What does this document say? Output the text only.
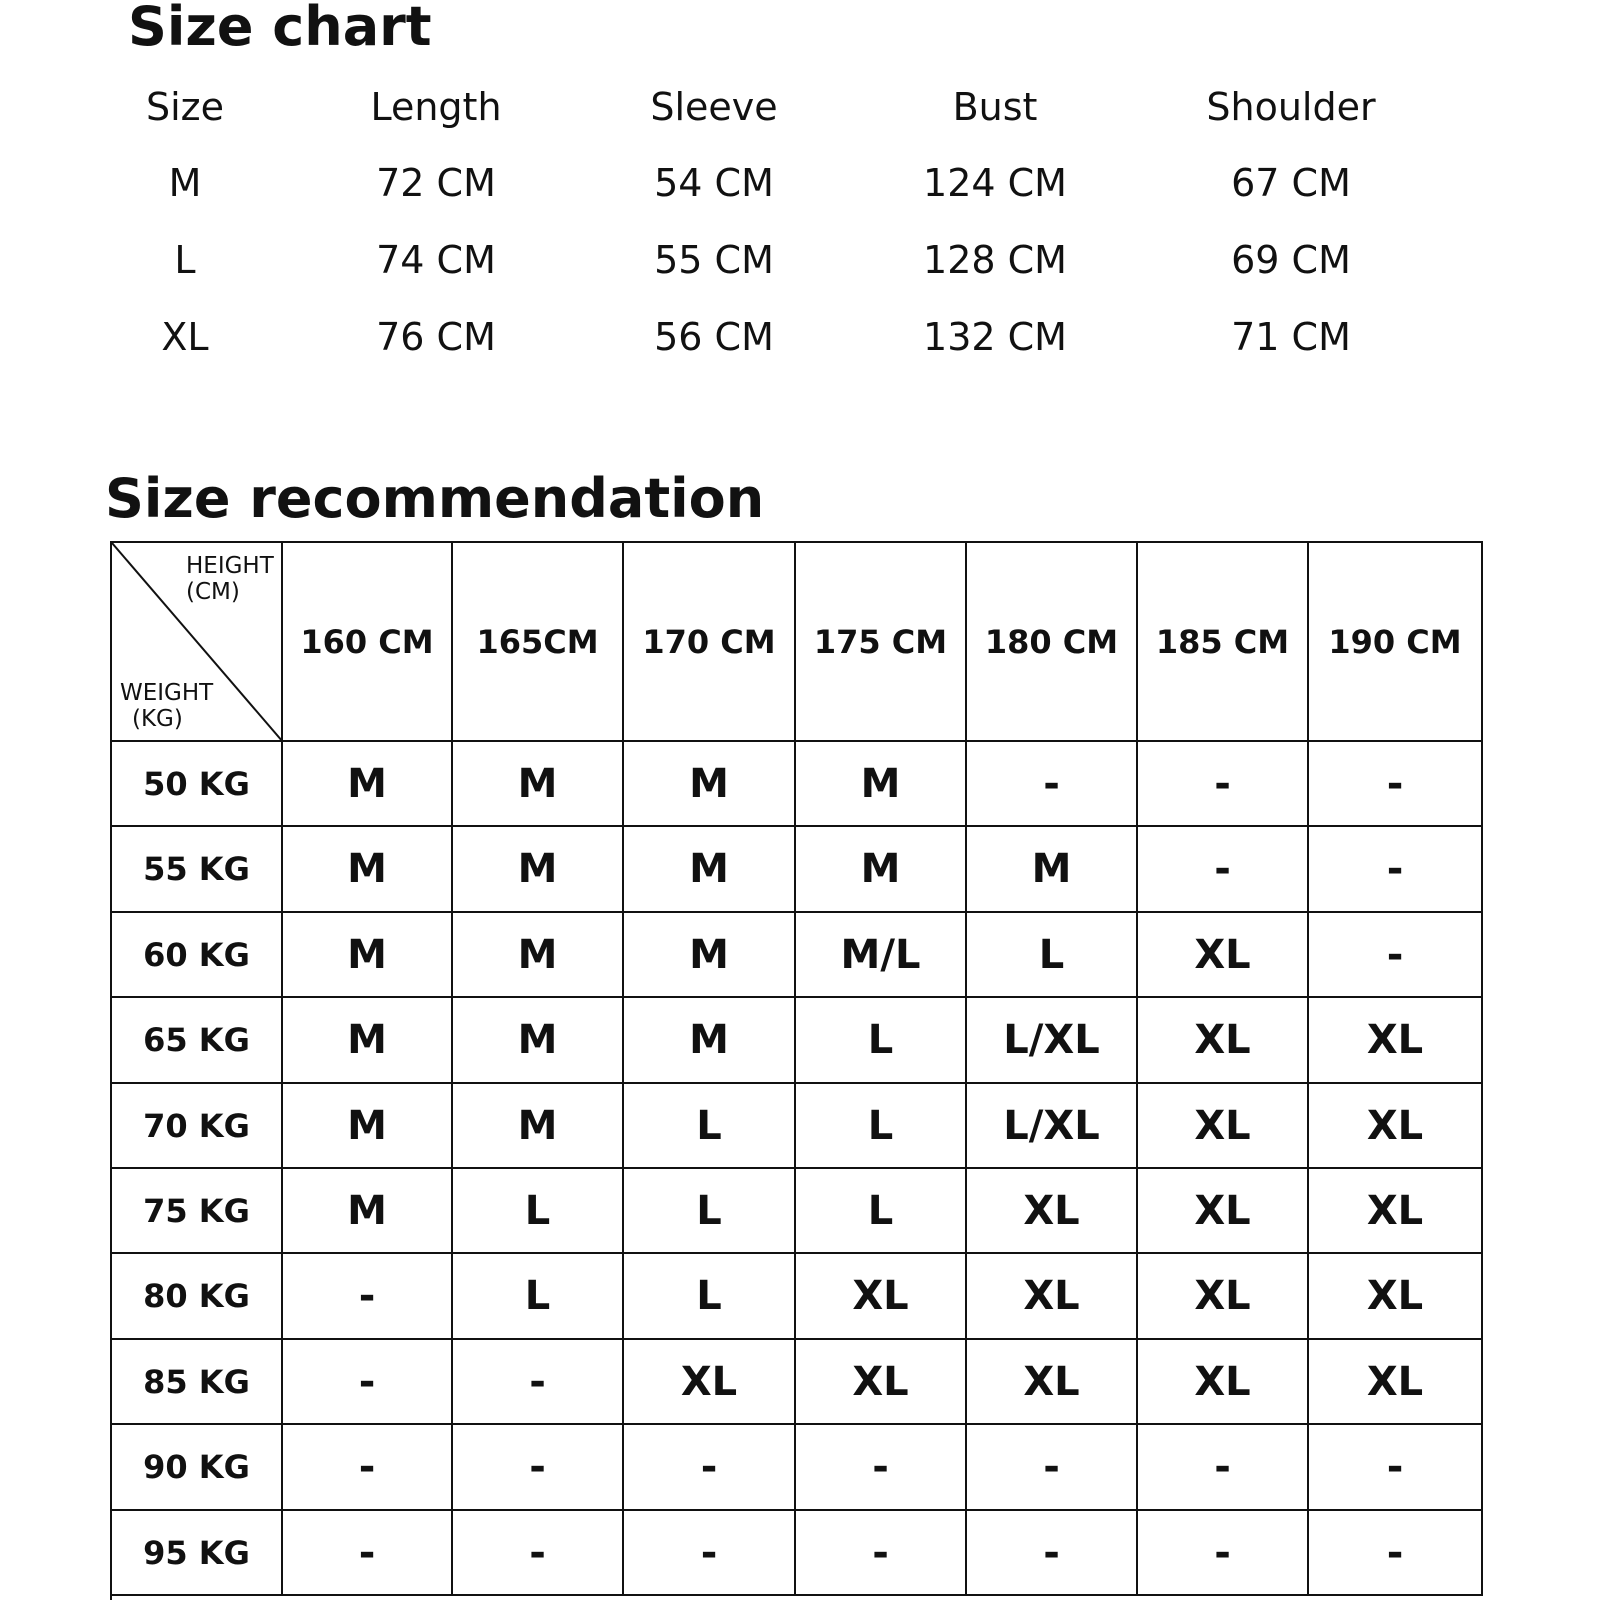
Size chart
Size	Length	Sleeve	Bust	Shoulder
M	72 CM	54 CM	124 CM	67 CM
L	74 CM	55 CM	128 CM	69 CM
XL	76 CM	56 CM	132 CM	71 CM
Size recommendation
HEIGHT
(CM)
WEIGHT
(KG)
160 CM	165CM	170 CM	175 CM	180 CM	185 CM	190 CM
50 KG	M	M	M	M	-	-	-
55 KG	M	M	M	M	M	-	-
60 KG	M	M	M	M/L	L	XL	-
65 KG	M	M	M	L	L/XL	XL	XL
70 KG	M	M	L	L	L/XL	XL	XL
75 KG	M	L	L	L	XL	XL	XL
80 KG	-	L	L	XL	XL	XL	XL
85 KG	-	-	XL	XL	XL	XL	XL
90 KG	-	-	-	-	-	-	-
95 KG	-	-	-	-	-	-	-
